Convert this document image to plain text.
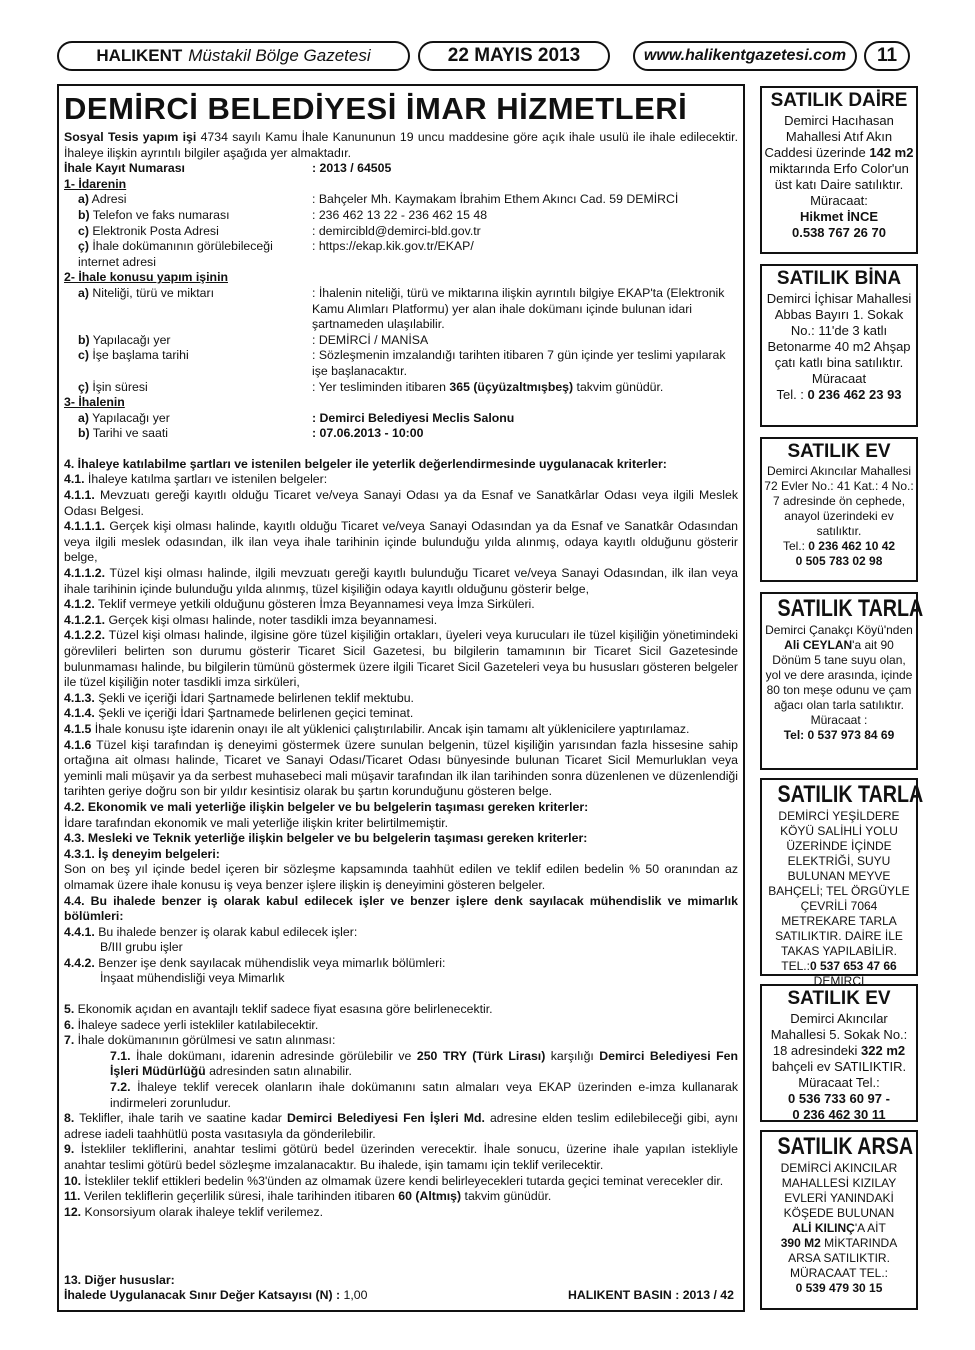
HALIKENT Müstakil Bölge Gazetesi	22 MAYIS 2013	www.halikentgazetesi.com	11
DEMİRCİ BELEDİYESİ İMAR HİZMETLERİ
Sosyal Tesis yapım işi 4734 sayılı Kamu İhale Kanununun 19 uncu maddesine göre açık ihale usulü ile ihale edilecektir. İhaleye ilişkin ayrıntılı bilgiler aşağıda yer almaktadır.
İhale Kayıt Numarası	: 2013 / 64505
1- İdarenin
a) Adresi	: Bahçeler Mh. Kaymakam İbrahim Ethem Akıncı Cad. 59 DEMİRCİ
b) Telefon ve faks numarası	: 236 462 13 22 - 236 462 15 48
c) Elektronik Posta Adresi	: demircibld@demirci-bld.gov.tr
ç) İhale dokümanının görülebileceği internet adresi
: https://ekap.kik.gov.tr/EKAP/
2- İhale konusu yapım işinin
a) Niteliği, türü ve miktarı	: İhalenin niteliği, türü ve miktarına ilişkin ayrıntılı bilgiye EKAP'ta (Elektronik Kamu Alımları Platformu) yer alan ihale dokümanı içinde bulunan idari şartnameden ulaşılabilir.
b) Yapılacağı yer	: DEMİRCİ / MANİSA
c) İşe başlama tarihi	: Sözleşmenin imzalandığı tarihten itibaren 7 gün içinde yer teslimi yapılarak işe başlanacaktır.
ç) İşin süresi	: Yer tesliminden itibaren 365 (üçyüzaltmışbeş) takvim günüdür.
3- İhalenin
a) Yapılacağı yer	: Demirci Belediyesi Meclis Salonu
b) Tarihi ve saati	: 07.06.2013 - 10:00
4. İhaleye katılabilme şartları ve istenilen belgeler ile yeterlik değerlendirmesinde uygulanacak kriterler:
4.1. İhaleye katılma şartları ve istenilen belgeler:
4.1.1. Mevzuatı gereği kayıtlı olduğu Ticaret ve/veya Sanayi Odası ya da Esnaf ve Sanatkârlar Odası veya ilgili Meslek Odası Belgesi.
4.1.1.1. Gerçek kişi olması halinde, kayıtlı olduğu Ticaret ve/veya Sanayi Odasından ya da Esnaf ve Sanatkâr Odasından veya ilgili meslek odasından, ilk ilan veya ihale tarihinin içinde bulunduğu yılda alınmış, odaya kayıtlı olduğunu gösterir belge,
4.1.1.2. Tüzel kişi olması halinde, ilgili mevzuatı gereği kayıtlı bulunduğu Ticaret ve/veya Sanayi Odasından, ilk ilan veya ihale tarihinin içinde bulunduğu yılda alınmış, tüzel kişiliğin odaya kayıtlı olduğunu gösterir belge,
4.1.2. Teklif vermeye yetkili olduğunu gösteren İmza Beyannamesi veya İmza Sirküleri.
4.1.2.1. Gerçek kişi olması halinde, noter tasdikli imza beyannamesi.
4.1.2.2. Tüzel kişi olması halinde, ilgisine göre tüzel kişiliğin ortakları, üyeleri veya kurucuları ile tüzel kişiliğin yönetimindeki görevlileri belirten son durumu gösterir Ticaret Sicil Gazetesi, bu bilgilerin tamamının bir Ticaret Sicil Gazetesinde bulunmaması halinde, bu bilgilerin tümünü göstermek üzere ilgili Ticaret Sicil Gazeteleri veya bu hususları gösteren belgeler ile tüzel kişiliğin noter tasdikli imza sirküleri,
4.1.3. Şekli ve içeriği İdari Şartnamede belirlenen teklif mektubu.
4.1.4. Şekli ve içeriği İdari Şartnamede belirlenen geçici teminat.
4.1.5 İhale konusu işte idarenin onayı ile alt yüklenici çalıştırılabilir. Ancak işin tamamı alt yüklenicilere yaptırılamaz.
4.1.6 Tüzel kişi tarafından iş deneyimi göstermek üzere sunulan belgenin, tüzel kişiliğin yarısından fazla hissesine sahip ortağına ait olması halinde, Ticaret ve Sanayi Odası/Ticaret Odası bünyesinde bulunan Ticaret Sicil Memurluklan veya yeminli mali müşavir ya da serbest muhasebeci mali müşavir tarafından ilk ilan tarihinden sonra düzenlenen ve düzenlendiği tarihten geriye doğru son bir yıldır kesintisiz olarak bu şartın korunduğunu gösteren belge.
4.2. Ekonomik ve mali yeterliğe ilişkin belgeler ve bu belgelerin taşıması gereken kriterler:
İdare tarafından ekonomik ve mali yeterliğe ilişkin kriter belirtilmemiştir.
4.3. Mesleki ve Teknik yeterliğe ilişkin belgeler ve bu belgelerin taşıması gereken kriterler:
4.3.1. İş deneyim belgeleri:
Son on beş yıl içinde bedel içeren bir sözleşme kapsamında taahhüt edilen ve teklif edilen bedelin % 50 oranından az olmamak üzere ihale konusu iş veya benzer işlere ilişkin iş deneyimini gösteren belgeler.
4.4. Bu ihalede benzer iş olarak kabul edilecek işler ve benzer işlere denk sayılacak mühendislik ve mimarlık bölümleri:
4.4.1. Bu ihalede benzer iş olarak kabul edilecek işler:
B/III grubu işler
4.4.2. Benzer işe denk sayılacak mühendislik veya mimarlık bölümleri:
İnşaat mühendisliği veya Mimarlık
5. Ekonomik açıdan en avantajlı teklif sadece fiyat esasına göre belirlenecektir.
6. İhaleye sadece yerli istekliler katılabilecektir.
7. İhale dokümanının görülmesi ve satın alınması:
7.1. İhale dokümanı, idarenin adresinde görülebilir ve 250 TRY (Türk Lirası) karşılığı Demirci Belediyesi Fen İşleri Müdürlüğü adresinden satın alınabilir.
7.2. İhaleye teklif verecek olanların ihale dokümanını satın almaları veya EKAP üzerinden e-imza kullanarak indirmeleri zorunludur.
8. Teklifler, ihale tarih ve saatine kadar Demirci Belediyesi Fen İşleri Md. adresine elden teslim edilebileceği gibi, aynı adrese iadeli taahhütlü posta vasıtasıyla da gönderilebilir.
9. İstekliler tekliflerini, anahtar teslimi götürü bedel üzerinden verecektir. İhale sonucu, üzerine ihale yapılan istekliyle anahtar teslimi götürü bedel sözleşme imzalanacaktır. Bu ihalede, işin tamamı için teklif verilecektir.
10. İstekliler teklif ettikleri bedelin %3'ünden az olmamak üzere kendi belirleyecekleri tutarda geçici teminat verecekler dir.
11. Verilen tekliflerin geçerlilik süresi, ihale tarihinden itibaren 60 (Altmış) takvim günüdür.
12. Konsorsiyum olarak ihaleye teklif verilemez.
13. Diğer hususlar:
İhalede Uygulanacak Sınır Değer Katsayısı (N) : 1,00	HALIKENT BASIN : 2013 / 42
SATILIK DAİRE
Demirci Hacıhasan Mahallesi Atıf Akın Caddesi üzerinde 142 m2 miktarında Erfo Color'un üst katı Daire satılıktır. Müracaat:
Hikmet İNCE
0.538 767 26 70
SATILIK BİNA
Demirci İçhisar Mahallesi Abbas Bayırı 1. Sokak No.: 11'de 3 katlı Betonarme 40 m2 Ahşap çatı katlı bina satılıktır. Müracaat
Tel. : 0 236 462 23 93
SATILIK EV
Demirci Akıncılar Mahallesi 72 Evler No.: 41 Kat.: 4 No.: 7 adresinde ön cephede, anayol üzerindeki ev satılıktır.
Tel.: 0 236 462 10 42
0 505 783 02 98
SATILIK TARLA
Demirci Çanakçı Köyü'nden Ali CEYLAN'a ait 90 Dönüm 5 tane suyu olan, yol ve dere arasında, içinde 80 ton meşe odunu ve çam ağacı olan tarla satılıktır.
Müracaat :
Tel: 0 537 973 84 69
SATILIK TARLA
DEMİRCİ YEŞİLDERE KÖYÜ SALİHLİ YOLU ÜZERİNDE İÇİNDE ELEKTRİĞİ, SUYU BULUNAN MEYVE BAHÇELİ; TEL ÖRGÜYLE ÇEVRİLİ 7064 METREKARE TARLA SATILIKTIR. DAİRE İLE TAKAS YAPILABİLİR.
TEL.:0 537 653 47 66
DEMİRCİ
SATILIK EV
Demirci Akıncılar Mahallesi 5. Sokak No.: 18 adresindeki 322 m2 bahçeli ev SATILIKTIR.
Müracaat Tel.:
0 536 733 60 97 -
0 236 462 30 11
SATILIK ARSA
DEMİRCİ AKINCILAR MAHALLESİ KIZILAY EVLERİ YANINDAKİ KÖŞEDE BULUNAN
ALİ KILINÇ'A AİT
390 M2 MİKTARINDA ARSA SATILIKTIR. MÜRACAAT TEL.:
0 539 479 30 15
